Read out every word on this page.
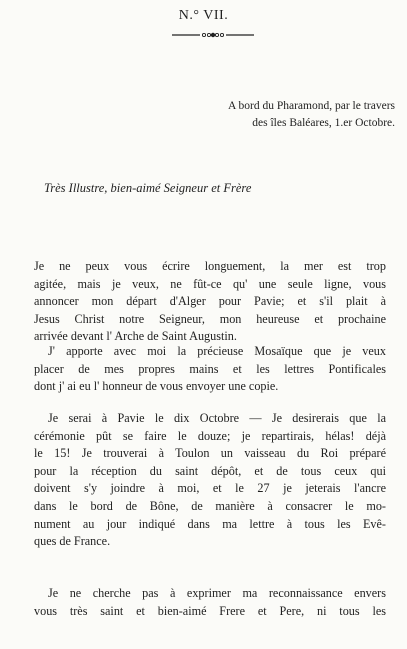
N.° VII.
A bord du Pharamond, par le travers
des îles Baléares, 1.er Octobre.
Très Illustre, bien-aimé Seigneur et Frère
Je ne peux vous écrire longuement, la mer est trop
agitée, mais je veux, ne fût-ce qu' une seule ligne, vous
annoncer mon départ d'Alger pour Pavie; et s'il plait à
Jesus Christ notre Seigneur, mon heureuse et prochaine
arrivée devant l' Arche de Saint Augustin.
J' apporte avec moi la précieuse Mosaïque que je veux
placer de mes propres mains et les lettres Pontificales
dont j' ai eu l' honneur de vous envoyer une copie.
Je serai à Pavie le dix Octobre — Je desirerais que la
cérémonie pût se faire le douze; je repartirais, hélas! déjà
le 15! Je trouverai à Toulon un vaisseau du Roi préparé
pour la réception du saint dépôt, et de tous ceux qui
doivent s'y joindre à moi, et le 27 je jeterais l'ancre
dans le bord de Bône, de manière à consacrer le mo-
nument au jour indiqué dans ma lettre à tous les Evê-
ques de France.
Je ne cherche pas à exprimer ma reconnaissance envers
vous très saint et bien-aimé Frere et Pere, ni tous les
